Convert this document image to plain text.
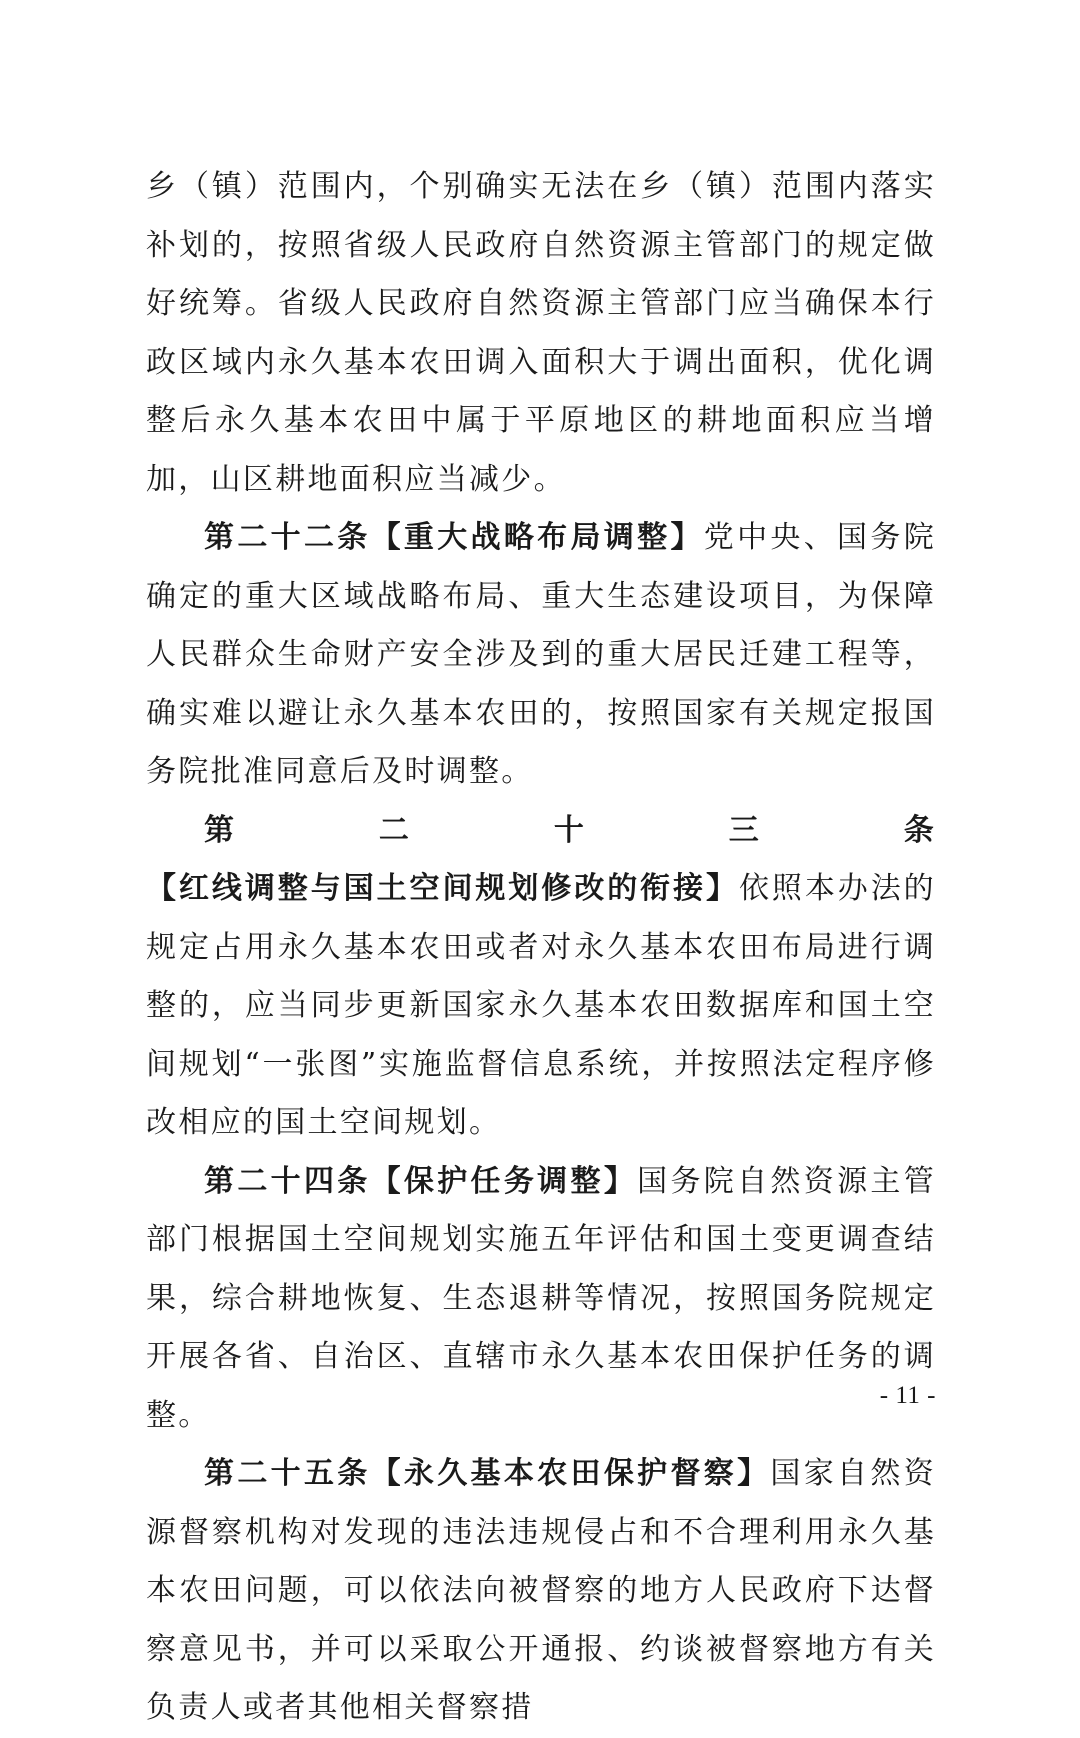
乡（镇）范围内，个别确实无法在乡（镇）范围内落实补划的，按照省级人民政府自然资源主管部门的规定做好统筹。省级人民政府自然资源主管部门应当确保本行政区域内永久基本农田调入面积大于调出面积，优化调整后永久基本农田中属于平原地区的耕地面积应当增加，山区耕地面积应当减少。

第二十二条【重大战略布局调整】党中央、国务院确定的重大区域战略布局、重大生态建设项目，为保障人民群众生命财产安全涉及到的重大居民迁建工程等，确实难以避让永久基本农田的，按照国家有关规定报国务院批准同意后及时调整。

第二十三条【红线调整与国土空间规划修改的衔接】依照本办法的规定占用永久基本农田或者对永久基本农田布局进行调整的，应当同步更新国家永久基本农田数据库和国土空间规划“一张图”实施监督信息系统，并按照法定程序修改相应的国土空间规划。

第二十四条【保护任务调整】国务院自然资源主管部门根据国土空间规划实施五年评估和国土变更调查结果，综合耕地恢复、生态退耕等情况，按照国务院规定开展各省、自治区、直辖市永久基本农田保护任务的调整。

第二十五条【永久基本农田保护督察】国家自然资源督察机构对发现的违法违规侵占和不合理利用永久基本农田问题，可以依法向被督察的地方人民政府下达督察意见书，并可以采取公开通报、约谈被督察地方有关负责人或者其他相关督察措

- 11 -
